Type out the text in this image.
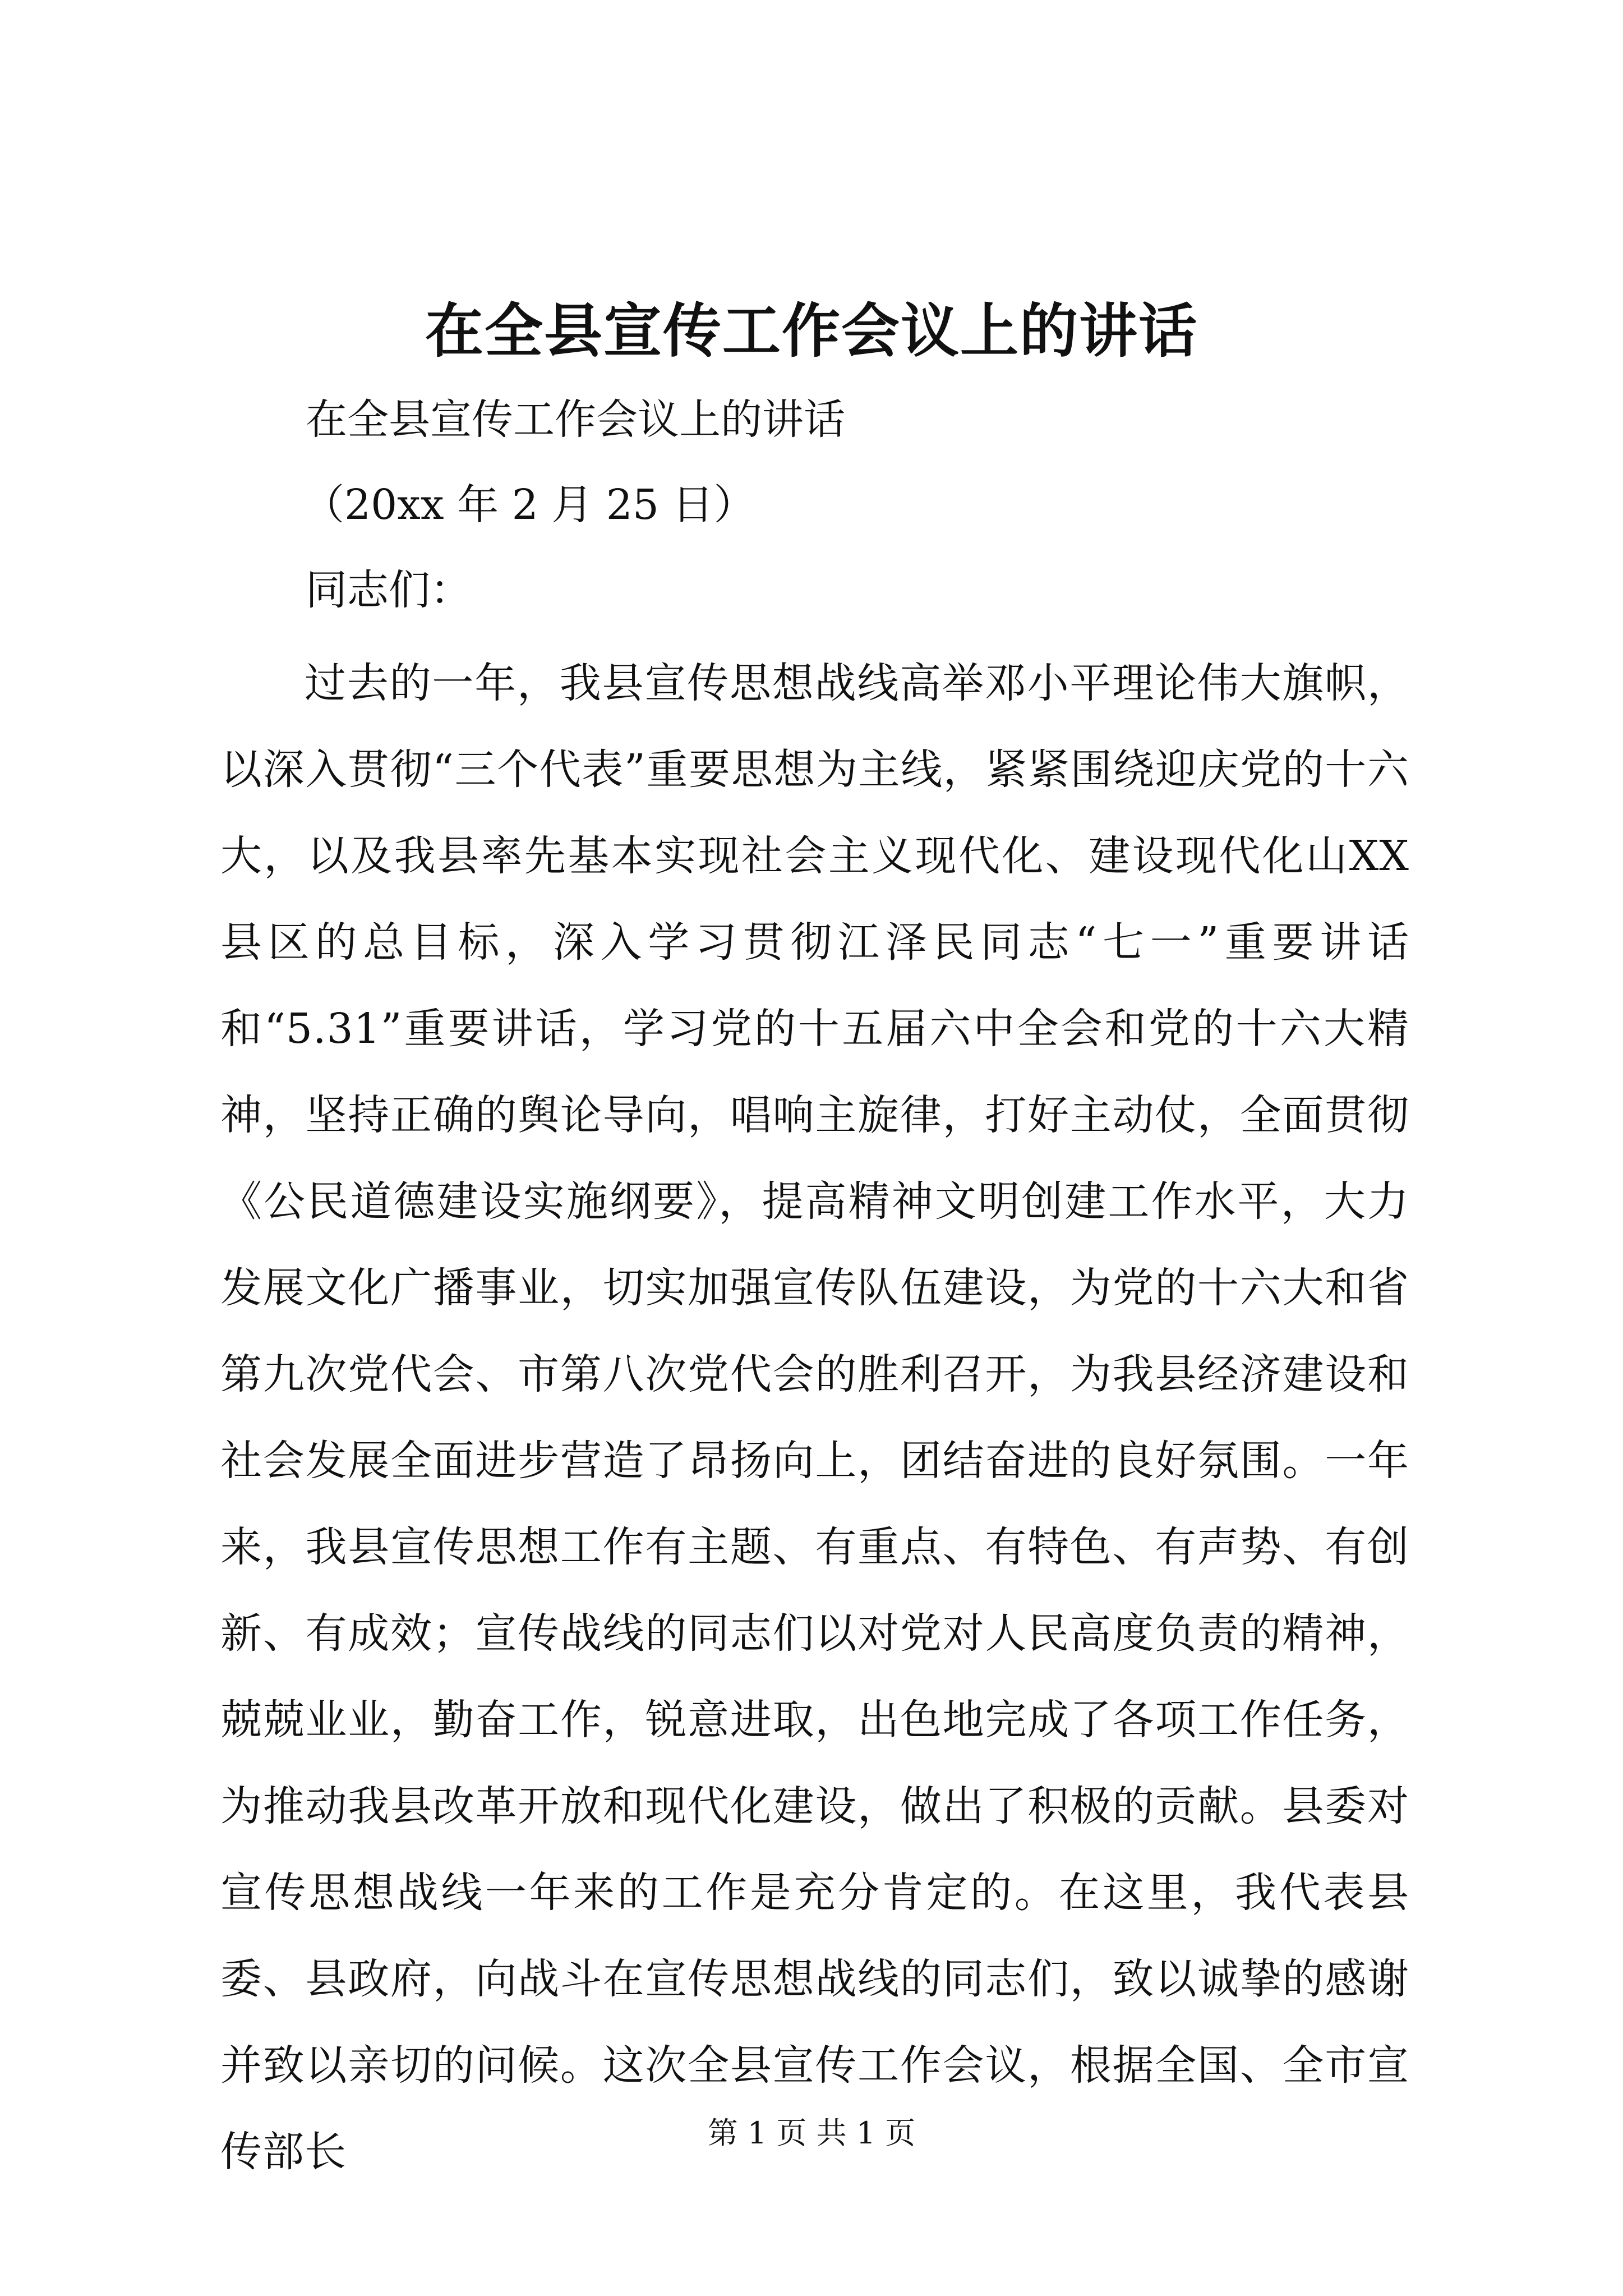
在全县宣传工作会议上的讲话

在全县宣传工作会议上的讲话

（20xx 年 2 月 25 日）

同志们：

过去的一年，我县宣传思想战线高举邓小平理论伟大旗帜，以深入贯彻“三个代表”重要思想为主线，紧紧围绕迎庆党的十六大，以及我县率先基本实现社会主义现代化、建设现代化山XX县区的总目标，深入学习贯彻江泽民同志“七一”重要讲话和“5.31”重要讲话，学习党的十五届六中全会和党的十六大精神，坚持正确的舆论导向，唱响主旋律，打好主动仗，全面贯彻《公民道德建设实施纲要》，提高精神文明创建工作水平，大力发展文化广播事业，切实加强宣传队伍建设，为党的十六大和省第九次党代会、市第八次党代会的胜利召开，为我县经济建设和社会发展全面进步营造了昂扬向上，团结奋进的良好氛围。一年来，我县宣传思想工作有主题、有重点、有特色、有声势、有创新、有成效；宣传战线的同志们以对党对人民高度负责的精神，兢兢业业，勤奋工作，锐意进取，出色地完成了各项工作任务，为推动我县改革开放和现代化建设，做出了积极的贡献。县委对宣传思想战线一年来的工作是充分肯定的。在这里，我代表县委、县政府，向战斗在宣传思想战线的同志们，致以诚挚的感谢并致以亲切的问候。这次全县宣传工作会议，根据全国、全市宣传部长	第 1 页 共 1 页
